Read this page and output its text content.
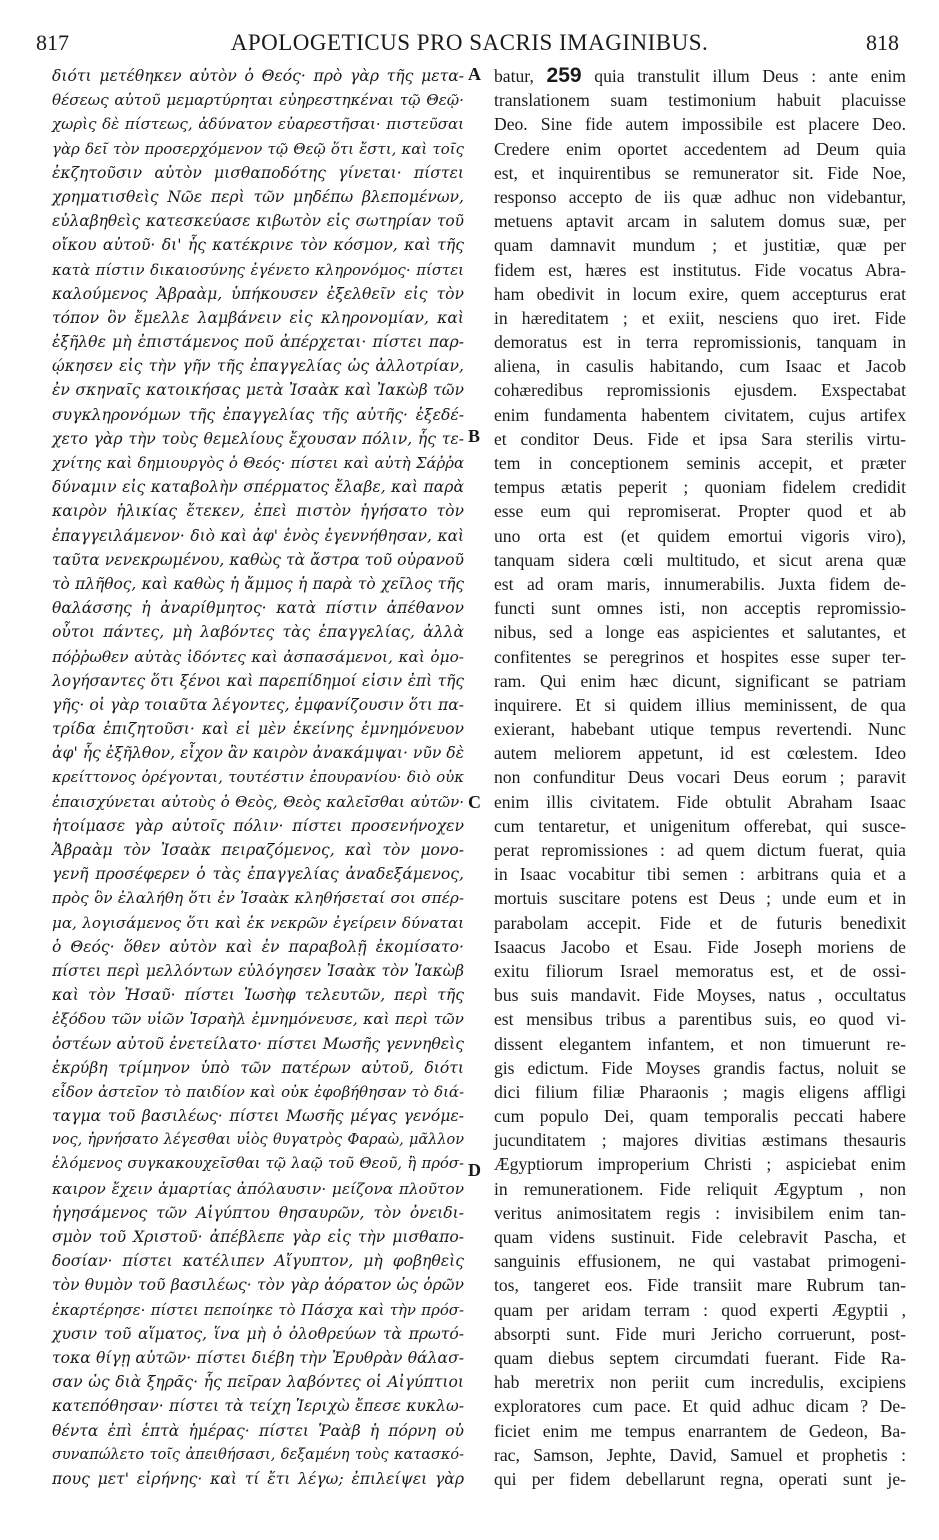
817	APOLOGETICUS PRO SACRIS IMAGINIBUS.	818
διότι μετέθηκεν αὐτὸν ὁ Θεός· πρὸ γὰρ τῆς μετα-
θέσεως αὐτοῦ μεμαρτύρηται εὐηρεστηκέναι τῷ Θεῷ·
χωρὶς δὲ πίστεως, ἀδύνατον εὐαρεστῆσαι· πιστεῦσαι
γὰρ δεῖ τὸν προσερχόμενον τῷ Θεῷ ὅτι ἔστι, καὶ τοῖς
ἐκζητοῦσιν αὐτὸν μισθαποδότης γίνεται· πίστει
χρηματισθεὶς Νῶε περὶ τῶν μηδέπω βλεπομένων,
εὐλαβηθεὶς κατεσκεύασε κιβωτὸν εἰς σωτηρίαν τοῦ
οἴκου αὐτοῦ· δι' ἧς κατέκρινε τὸν κόσμον, καὶ τῆς
κατὰ πίστιν δικαιοσύνης ἐγένετο κληρονόμος· πίστει
καλούμενος Ἀβραὰμ, ὑπήκουσεν ἐξελθεῖν εἰς τὸν
τόπον ὃν ἔμελλε λαμβάνειν εἰς κληρονομίαν, καὶ
ἐξῆλθε μὴ ἐπιστάμενος ποῦ ἀπέρχεται· πίστει παρ-
ῴκησεν εἰς τὴν γῆν τῆς ἐπαγγελίας ὡς ἀλλοτρίαν,
ἐν σκηναῖς κατοικήσας μετὰ Ἰσαὰκ καὶ Ἰακὼβ τῶν
συγκληρονόμων τῆς ἐπαγγελίας τῆς αὐτῆς· ἐξεδέ-
χετο γὰρ τὴν τοὺς θεμελίους ἔχουσαν πόλιν, ἧς τε-
χνίτης καὶ δημιουργὸς ὁ Θεός· πίστει καὶ αὐτὴ Σάῤῥα
δύναμιν εἰς καταβολὴν σπέρματος ἔλαβε, καὶ παρὰ
καιρὸν ἡλικίας ἔτεκεν, ἐπεὶ πιστὸν ἡγήσατο τὸν
ἐπαγγειλάμενον· διὸ καὶ ἀφ' ἑνὸς ἐγεννήθησαν, καὶ
ταῦτα νενεκρωμένου, καθὼς τὰ ἄστρα τοῦ οὐρανοῦ
τὸ πλῆθος, καὶ καθὼς ἡ ἄμμος ἡ παρὰ τὸ χεῖλος τῆς
θαλάσσης ἡ ἀναρίθμητος· κατὰ πίστιν ἀπέθανον
οὗτοι πάντες, μὴ λαβόντες τὰς ἐπαγγελίας, ἀλλὰ
πόῤῥωθεν αὐτὰς ἰδόντες καὶ ἀσπασάμενοι, καὶ ὁμο-
λογήσαντες ὅτι ξένοι καὶ παρεπίδημοί εἰσιν ἐπὶ τῆς
γῆς· οἱ γὰρ τοιαῦτα λέγοντες, ἐμφανίζουσιν ὅτι πα-
τρίδα ἐπιζητοῦσι· καὶ εἰ μὲν ἐκείνης ἐμνημόνευον
ἀφ' ἧς ἐξῆλθον, εἶχον ἂν καιρὸν ἀνακάμψαι· νῦν δὲ
κρείττονος ὀρέγονται, τουτέστιν ἐπουρανίου· διὸ οὐκ
ἐπαισχύνεται αὐτοὺς ὁ Θεὸς, Θεὸς καλεῖσθαι αὐτῶν·
ἡτοίμασε γὰρ αὐτοῖς πόλιν· πίστει προσενήνοχεν
Ἀβραὰμ τὸν Ἰσαὰκ πειραζόμενος, καὶ τὸν μονο-
γενῆ προσέφερεν ὁ τὰς ἐπαγγελίας ἀναδεξάμενος,
πρὸς ὃν ἐλαλήθη ὅτι ἐν Ἰσαὰκ κληθήσεταί σοι σπέρ-
μα, λογισάμενος ὅτι καὶ ἐκ νεκρῶν ἐγείρειν δύναται
ὁ Θεός· ὅθεν αὐτὸν καὶ ἐν παραβολῇ ἐκομίσατο·
πίστει περὶ μελλόντων εὐλόγησεν Ἰσαὰκ τὸν Ἰακὼβ
καὶ τὸν Ἡσαῦ· πίστει Ἰωσὴφ τελευτῶν, περὶ τῆς
ἐξόδου τῶν υἱῶν Ἰσραὴλ ἐμνημόνευσε, καὶ περὶ τῶν
ὀστέων αὐτοῦ ἐνετείλατο· πίστει Μωσῆς γεννηθεὶς
ἐκρύβη τρίμηνον ὑπὸ τῶν πατέρων αὐτοῦ, διότι
εἶδον ἀστεῖον τὸ παιδίον καὶ οὐκ ἐφοβήθησαν τὸ διά-
ταγμα τοῦ βασιλέως· πίστει Μωσῆς μέγας γενόμε-
νος, ἠρνήσατο λέγεσθαι υἱὸς θυγατρὸς Φαραὼ, μᾶλλον
ἑλόμενος συγκακουχεῖσθαι τῷ λαῷ τοῦ Θεοῦ, ἢ πρόσ-
καιρον ἔχειν ἁμαρτίας ἀπόλαυσιν· μείζονα πλοῦτον
ἡγησάμενος τῶν Αἰγύπτου θησαυρῶν, τὸν ὀνειδι-
σμὸν τοῦ Χριστοῦ· ἀπέβλεπε γὰρ εἰς τὴν μισθαπο-
δοσίαν· πίστει κατέλιπεν Αἴγυπτον, μὴ φοβηθεὶς
τὸν θυμὸν τοῦ βασιλέως· τὸν γὰρ ἀόρατον ὡς ὁρῶν
ἐκαρτέρησε· πίστει πεποίηκε τὸ Πάσχα καὶ τὴν πρόσ-
χυσιν τοῦ αἵματος, ἵνα μὴ ὁ ὀλοθρεύων τὰ πρωτό-
τοκα θίγῃ αὐτῶν· πίστει διέβη τὴν Ἐρυθρὰν θάλασ-
σαν ὡς διὰ ξηρᾶς· ἧς πεῖραν λαβόντες οἱ Αἰγύπτιοι
κατεπόθησαν· πίστει τὰ τείχη Ἱεριχὼ ἔπεσε κυκλω-
θέντα ἐπὶ ἑπτὰ ἡμέρας· πίστει Ῥαὰβ ἡ πόρνη οὐ
συναπώλετο τοῖς ἀπειθήσασι, δεξαμένη τοὺς κατασκό-
πους μετ' εἰρήνης· καὶ τί ἔτι λέγω; ἐπιλείψει γὰρ
batur, 259 quia transtulit illum Deus : ante enim
translationem suam testimonium habuit placuisse
Deo. Sine fide autem impossibile est placere Deo.
Credere enim oportet accedentem ad Deum quia
est, et inquirentibus se remunerator sit. Fide Noe,
responso accepto de iis quæ adhuc non videbantur,
metuens aptavit arcam in salutem domus suæ, per
quam damnavit mundum ; et justitiæ, quæ per
fidem est, hæres est institutus. Fide vocatus Abra-
ham obedivit in locum exire, quem accepturus erat
in hæreditatem ; et exiit, nesciens quo iret. Fide
demoratus est in terra repromissionis, tanquam in
aliena, in casulis habitando, cum Isaac et Jacob
cohæredibus repromissionis ejusdem. Exspectabat
enim fundamenta habentem civitatem, cujus artifex
et conditor Deus. Fide et ipsa Sara sterilis virtu-
tem in conceptionem seminis accepit, et præter
tempus ætatis peperit ; quoniam fidelem credidit
esse eum qui repromiserat. Propter quod et ab
uno orta est (et quidem emortui vigoris viro),
tanquam sidera cœli multitudo, et sicut arena quæ
est ad oram maris, innumerabilis. Juxta fidem de-
functi sunt omnes isti, non acceptis repromissio-
nibus, sed a longe eas aspicientes et salutantes, et
confitentes se peregrinos et hospites esse super ter-
ram. Qui enim hæc dicunt, significant se patriam
inquirere. Et si quidem illius meminissent, de qua
exierant, habebant utique tempus revertendi. Nunc
autem meliorem appetunt, id est cœlestem. Ideo
non confunditur Deus vocari Deus eorum ; paravit
enim illis civitatem. Fide obtulit Abraham Isaac
cum tentaretur, et unigenitum offerebat, qui susce-
perat repromissiones : ad quem dictum fuerat, quia
in Isaac vocabitur tibi semen : arbitrans quia et a
mortuis suscitare potens est Deus ; unde eum et in
parabolam accepit. Fide et de futuris benedixit
Isaacus Jacobo et Esau. Fide Joseph moriens de
exitu filiorum Israel memoratus est, et de ossi-
bus suis mandavit. Fide Moyses, natus , occultatus
est mensibus tribus a parentibus suis, eo quod vi-
dissent elegantem infantem, et non timuerunt re-
gis edictum. Fide Moyses grandis factus, noluit se
dici filium filiæ Pharaonis ; magis eligens affligi
cum populo Dei, quam temporalis peccati habere
jucunditatem ; majores divitias æstimans thesauris
Ægyptiorum improperium Christi ; aspiciebat enim
in remunerationem. Fide reliquit Ægyptum , non
veritus animositatem regis : invisibilem enim tan-
quam videns sustinuit. Fide celebravit Pascha, et
sanguinis effusionem, ne qui vastabat primogeni-
tos, tangeret eos. Fide transiit mare Rubrum tan-
quam per aridam terram : quod experti Ægyptii ,
absorpti sunt. Fide muri Jericho corruerunt, post-
quam diebus septem circumdati fuerant. Fide Ra-
hab meretrix non periit cum incredulis, excipiens
exploratores cum pace. Et quid adhuc dicam ? De-
ficiet enim me tempus enarrantem de Gedeon, Ba-
rac, Samson, Jephte, David, Samuel et prophetis :
qui per fidem debellarunt regna, operati sunt je-
A
B
C
D
